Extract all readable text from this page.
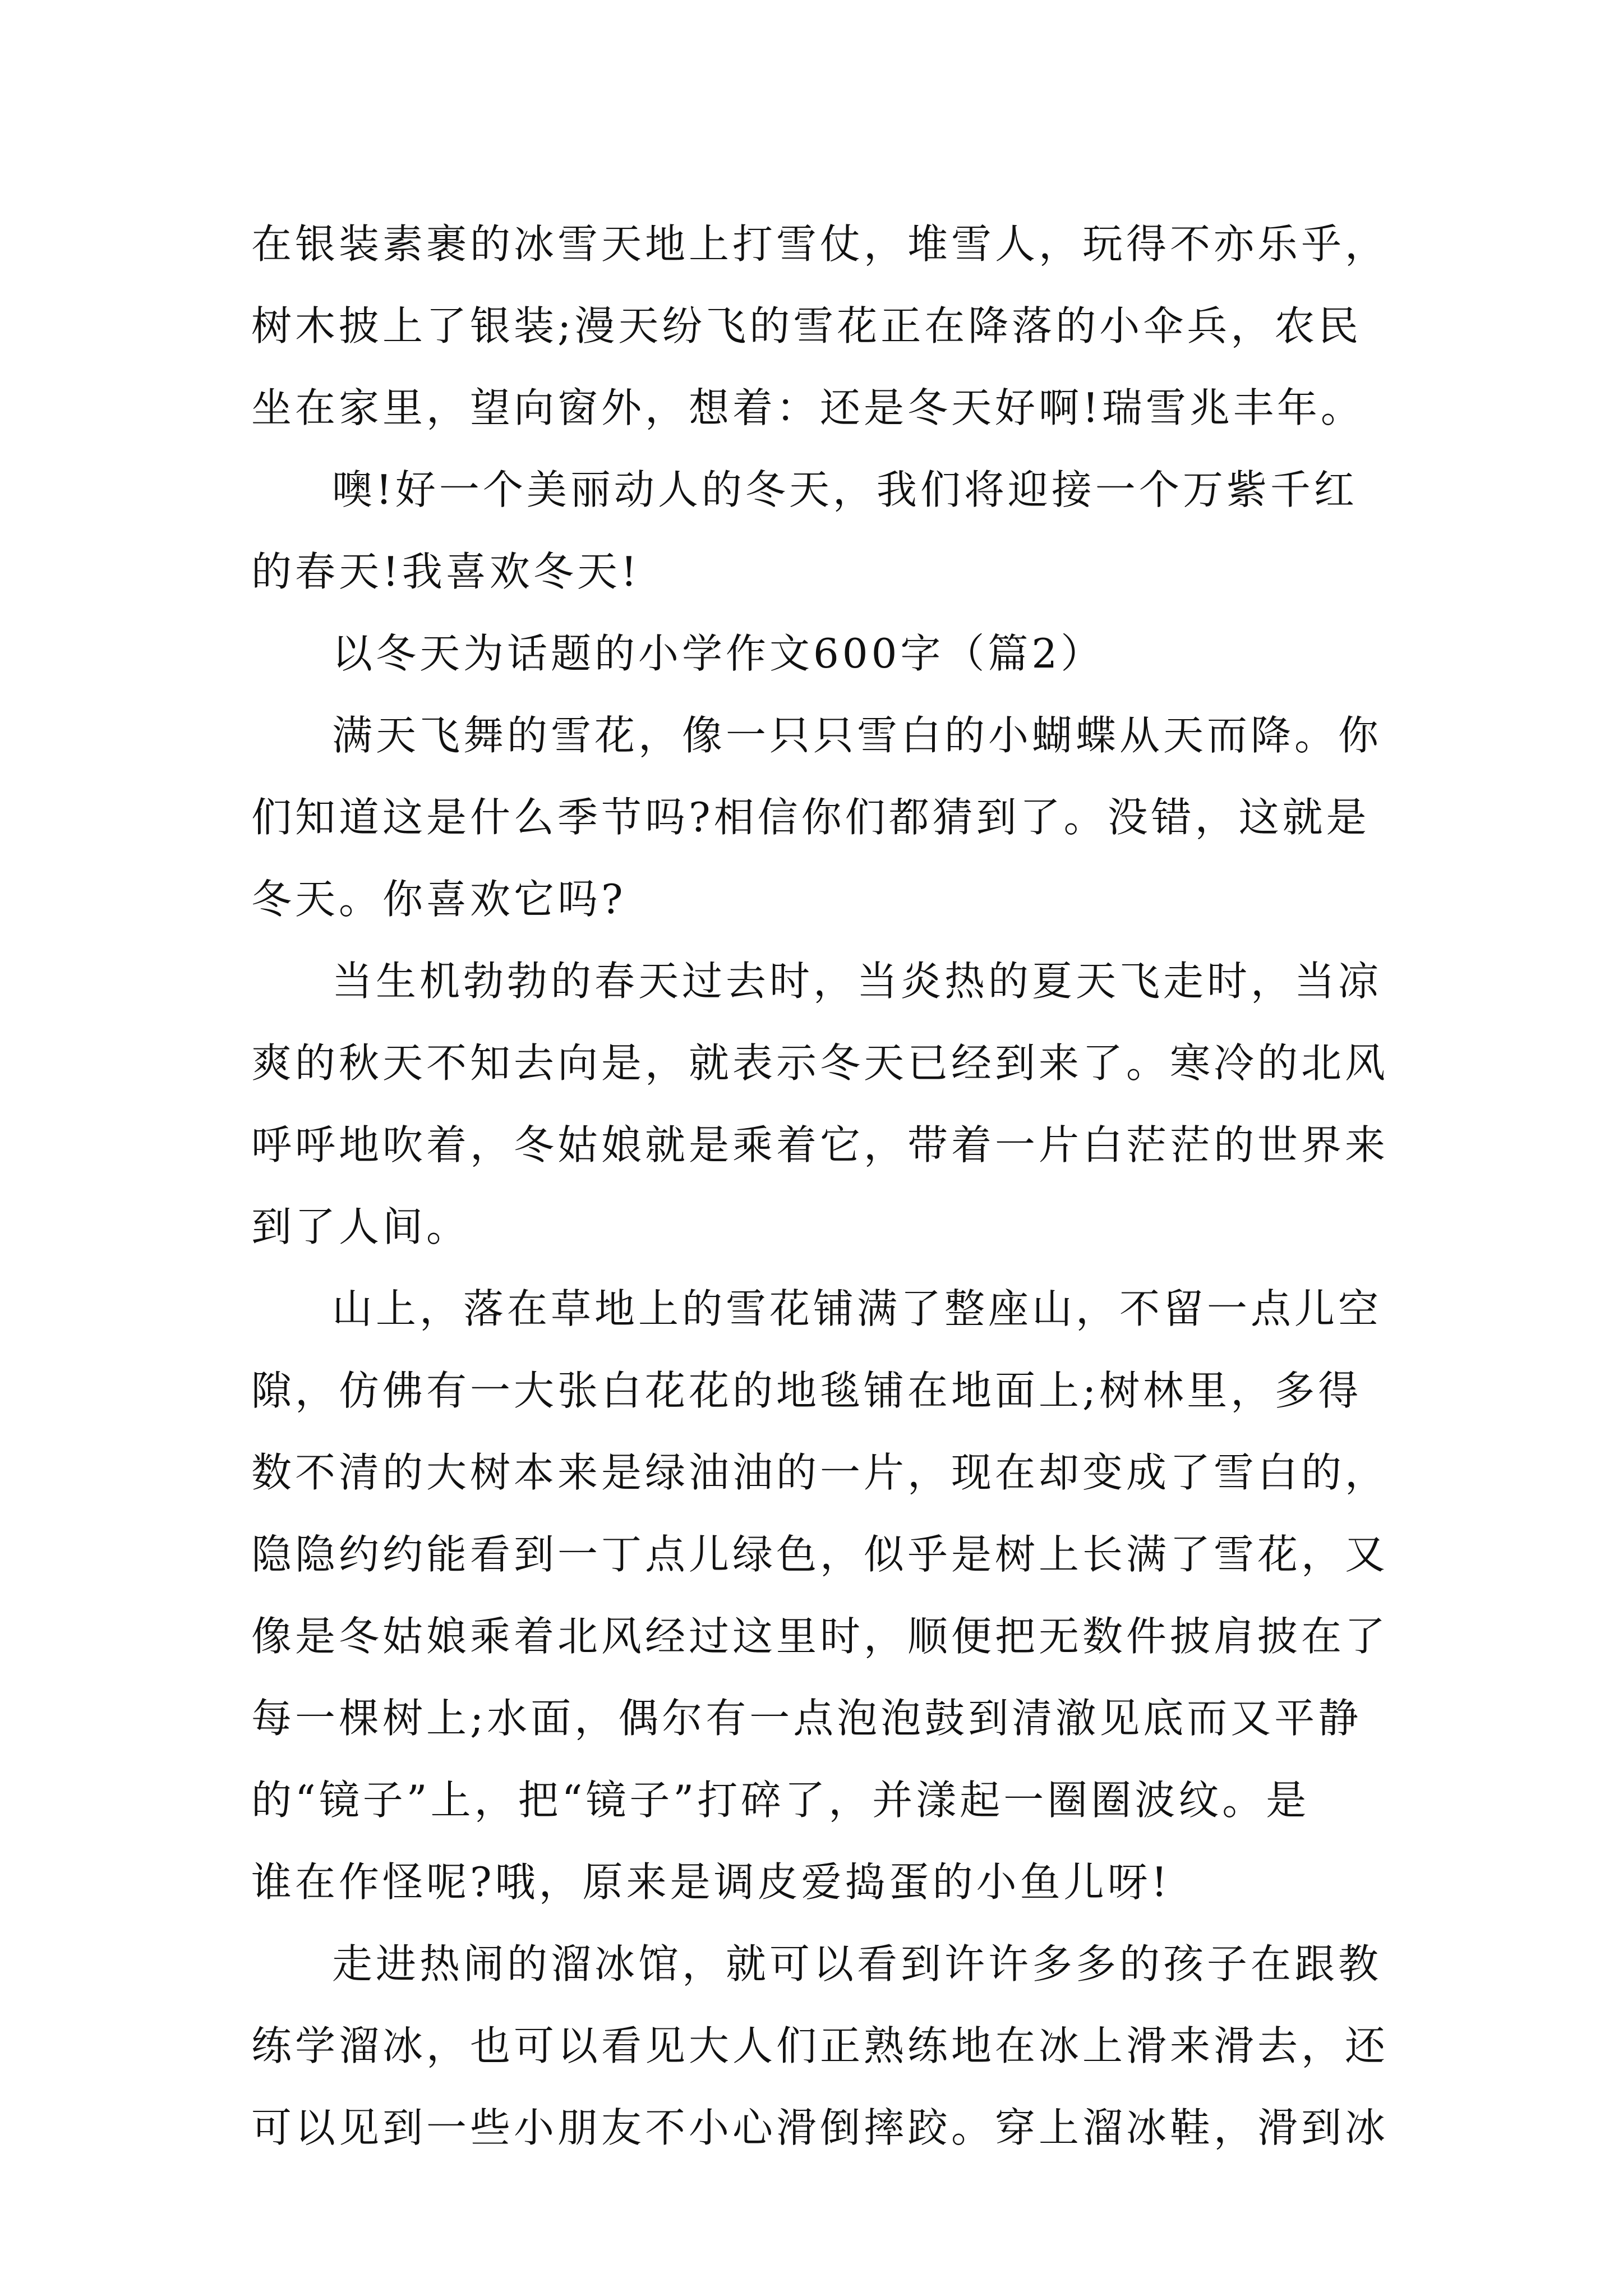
在银装素裹的冰雪天地上打雪仗，堆雪人，玩得不亦乐乎，
树木披上了银装;漫天纷飞的雪花正在降落的小伞兵，农民
坐在家里，望向窗外，想着：还是冬天好啊!瑞雪兆丰年。
噢!好一个美丽动人的冬天，我们将迎接一个万紫千红
的春天!我喜欢冬天!
以冬天为话题的小学作文600字（篇2）
满天飞舞的雪花，像一只只雪白的小蝴蝶从天而降。你
们知道这是什么季节吗?相信你们都猜到了。没错，这就是
冬天。你喜欢它吗?
当生机勃勃的春天过去时，当炎热的夏天飞走时，当凉
爽的秋天不知去向是，就表示冬天已经到来了。寒冷的北风
呼呼地吹着，冬姑娘就是乘着它，带着一片白茫茫的世界来
到了人间。
山上，落在草地上的雪花铺满了整座山，不留一点儿空
隙，仿佛有一大张白花花的地毯铺在地面上;树林里，多得
数不清的大树本来是绿油油的一片，现在却变成了雪白的，
隐隐约约能看到一丁点儿绿色，似乎是树上长满了雪花，又
像是冬姑娘乘着北风经过这里时，顺便把无数件披肩披在了
每一棵树上;水面，偶尔有一点泡泡鼓到清澈见底而又平静
的“镜子”上，把“镜子”打碎了，并漾起一圈圈波纹。是
谁在作怪呢?哦，原来是调皮爱捣蛋的小鱼儿呀!
走进热闹的溜冰馆，就可以看到许许多多的孩子在跟教
练学溜冰，也可以看见大人们正熟练地在冰上滑来滑去，还
可以见到一些小朋友不小心滑倒摔跤。穿上溜冰鞋，滑到冰
